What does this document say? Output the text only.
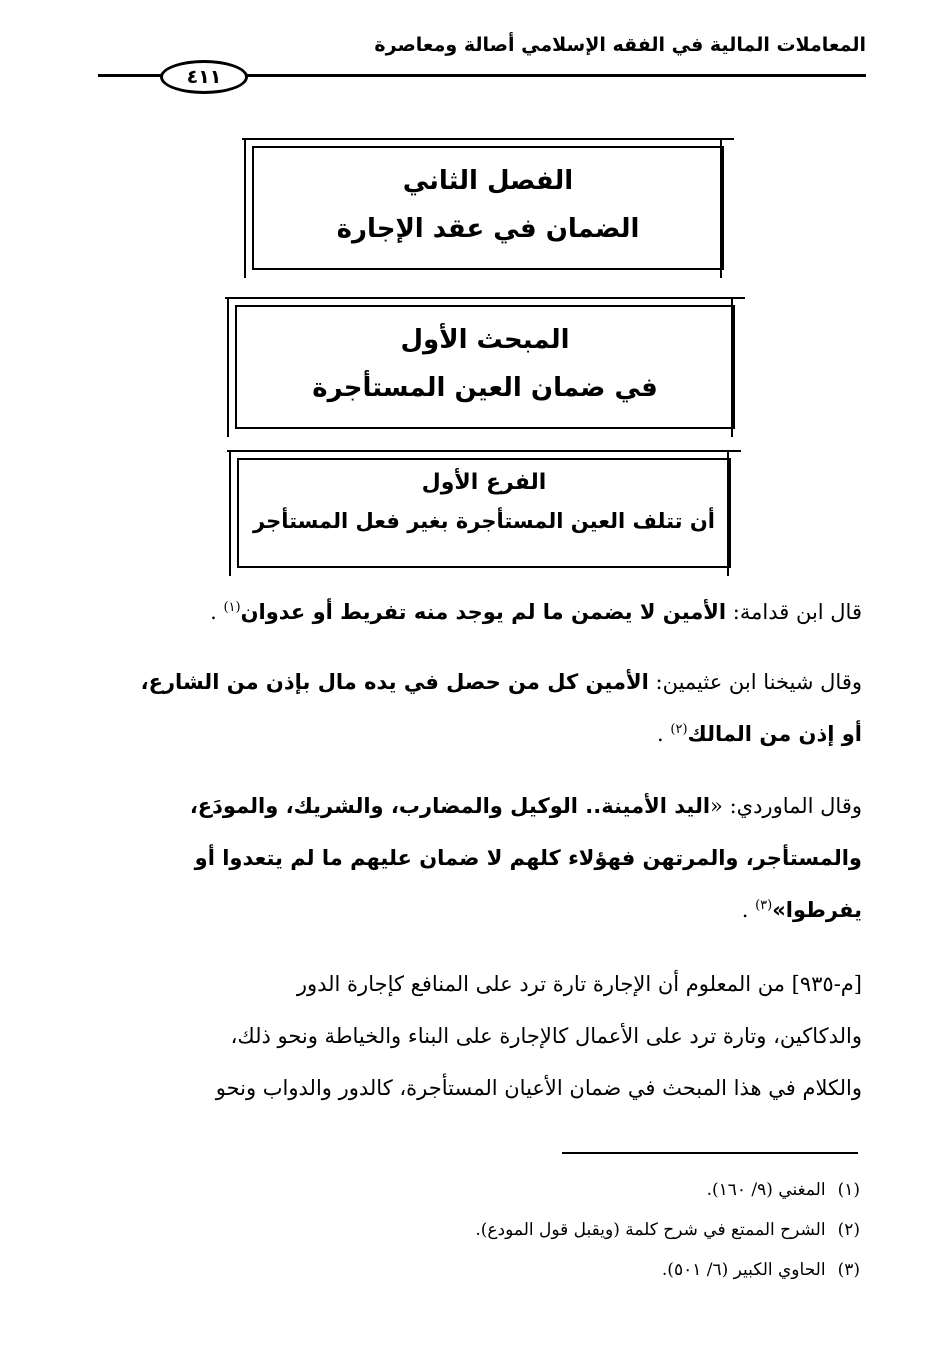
المعاملات المالية في الفقه الإسلامي أصالة ومعاصرة
٤١١
الفصل الثاني
الضمان في عقد الإجارة
المبحث الأول
في ضمان العين المستأجرة
الفرع الأول
أن تتلف العين المستأجرة بغير فعل المستأجر
قال ابن قدامة: الأمين لا يضمن ما لم يوجد منه تفريط أو عدوان$^{(١)}$ .
وقال شيخنا ابن عثيمين: الأمين كل من حصل في يده مال بإذن من الشارع،
أو إذن من المالك$^{(٢)}$ .
وقال الماوردي: «اليد الأمينة.. الوكيل والمضارب، والشريك، والمودَع،
والمستأجر، والمرتهن فهؤلاء كلهم لا ضمان عليهم ما لم يتعدوا أو
يفرطوا»$^{(٣)}$ .
[م-٩٣٥] من المعلوم أن الإجارة تارة ترد على المنافع كإجارة الدور
والدكاكين، وتارة ترد على الأعمال كالإجارة على البناء والخياطة ونحو ذلك،
والكلام في هذا المبحث في ضمان الأعيان المستأجرة، كالدور والدواب ونحو
(١)المغني (٩/ ١٦٠).
(٢)الشرح الممتع في شرح كلمة (ويقبل قول المودع).
(٣)الحاوي الكبير (٦/ ٥٠١).
